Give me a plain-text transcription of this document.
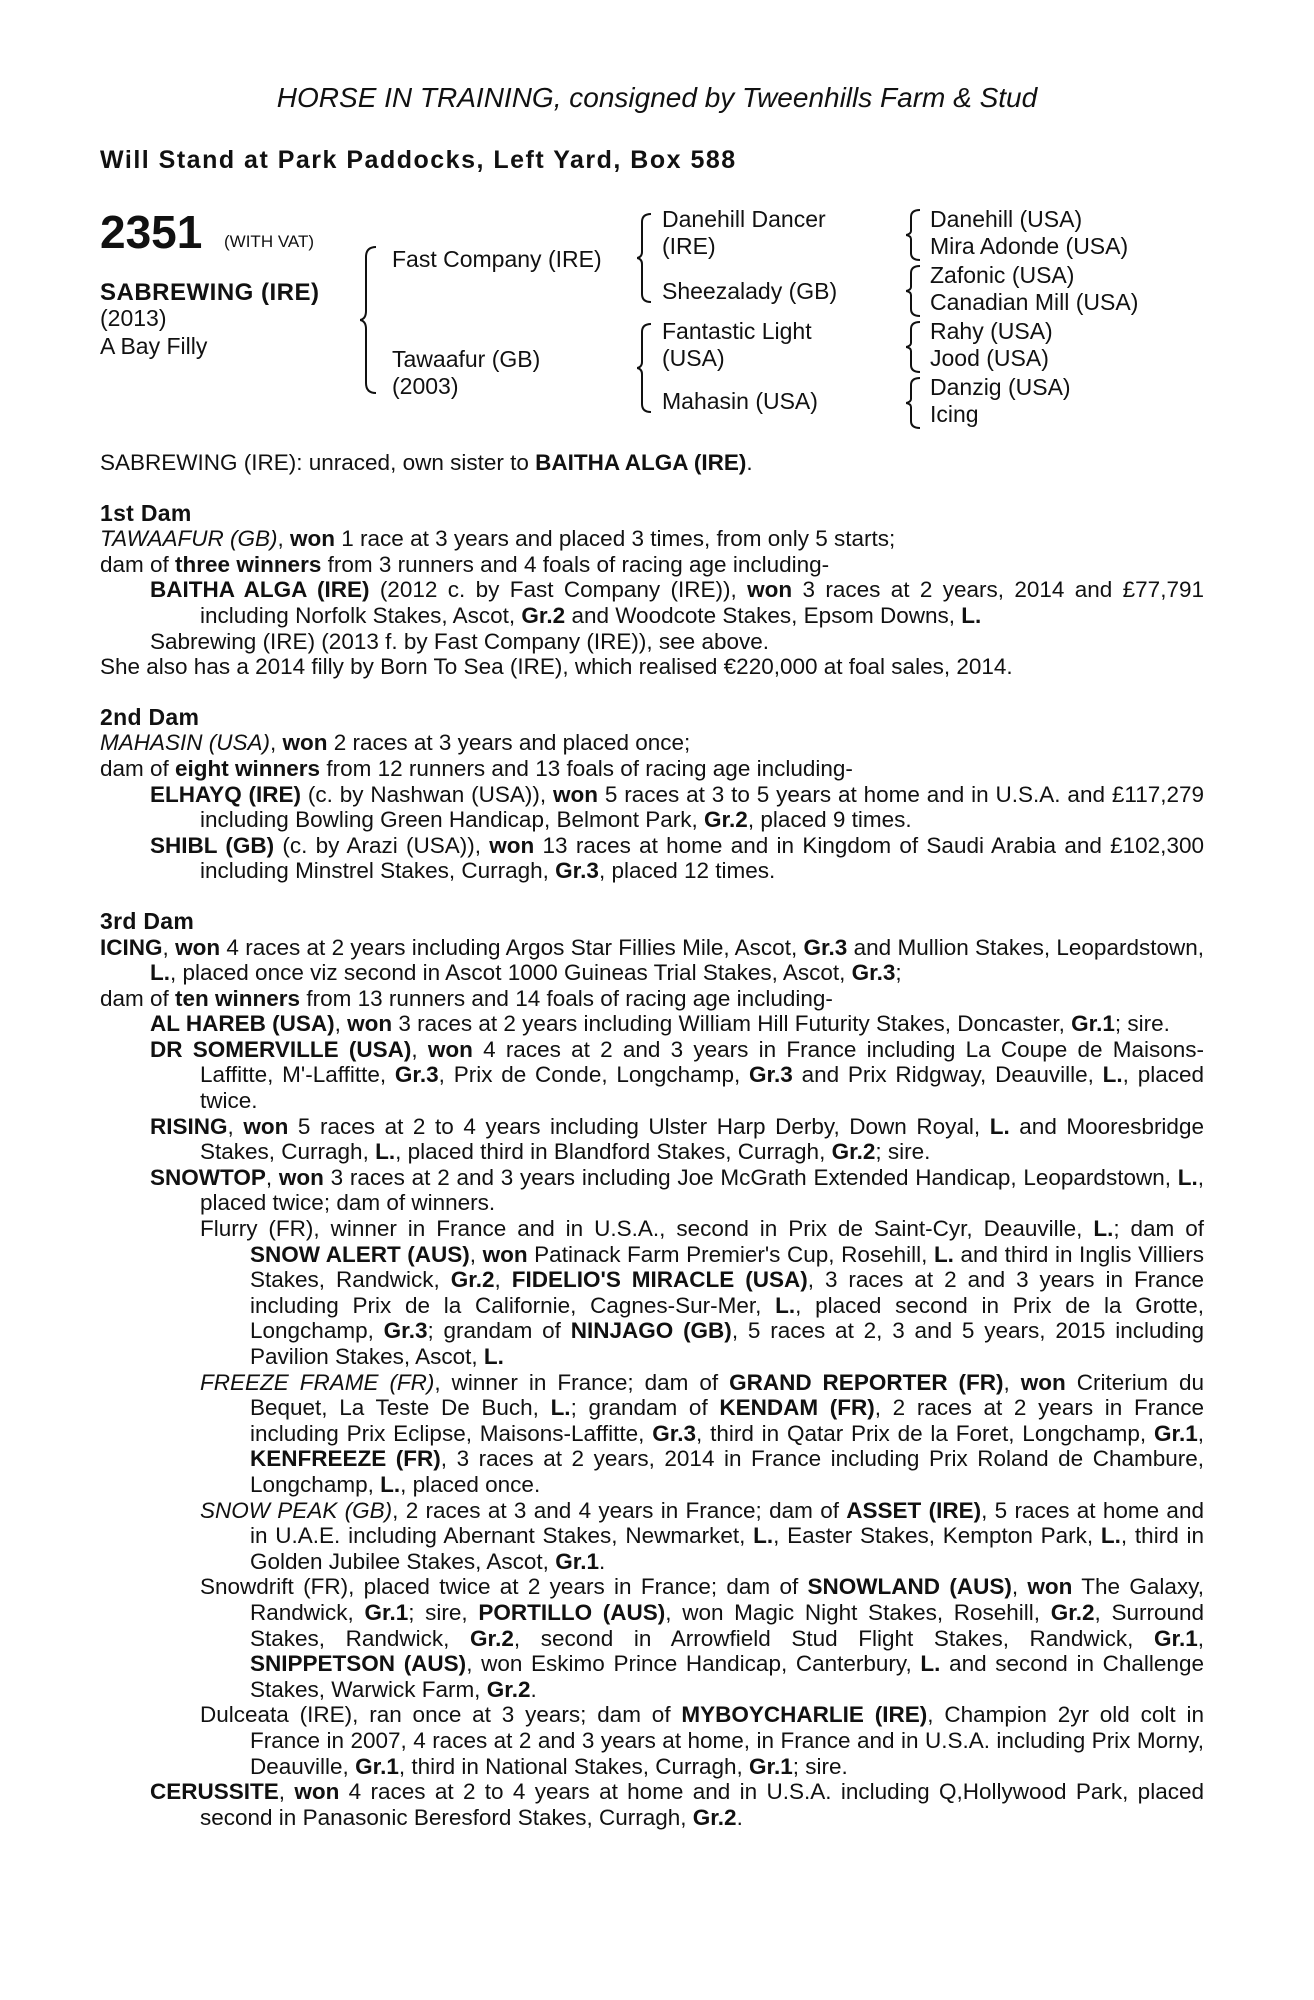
HORSE IN TRAINING, consigned by Tweenhills Farm & Stud
Will Stand at Park Paddocks, Left Yard, Box 588
2351 (WITH VAT)
SABREWING (IRE)
(2013)
A Bay Filly
Fast Company (IRE)
Tawaafur (GB)
(2003)
Danehill Dancer
(IRE)
Sheezalady (GB)
Fantastic Light
(USA)
Mahasin (USA)
Danehill (USA)
Mira Adonde (USA)
Zafonic (USA)
Canadian Mill (USA)
Rahy (USA)
Jood (USA)
Danzig (USA)
Icing

SABREWING (IRE): unraced, own sister to BAITHA ALGA (IRE).

1st Dam

TAWAAFUR (GB), won 1 race at 3 years and placed 3 times, from only 5 starts;

dam of three winners from 3 runners and 4 foals of racing age including-

BAITHA ALGA (IRE) (2012 c. by Fast Company (IRE)), won 3 races at 2 years, 2014 and £77,791 including Norfolk Stakes, Ascot, Gr.2 and Woodcote Stakes, Epsom Downs, L.

Sabrewing (IRE) (2013 f. by Fast Company (IRE)), see above.

She also has a 2014 filly by Born To Sea (IRE), which realised €220,000 at foal sales, 2014.

2nd Dam

MAHASIN (USA), won 2 races at 3 years and placed once;

dam of eight winners from 12 runners and 13 foals of racing age including-

ELHAYQ (IRE) (c. by Nashwan (USA)), won 5 races at 3 to 5 years at home and in U.S.A. and £117,279 including Bowling Green Handicap, Belmont Park, Gr.2, placed 9 times.

SHIBL (GB) (c. by Arazi (USA)), won 13 races at home and in Kingdom of Saudi Arabia and £102,300 including Minstrel Stakes, Curragh, Gr.3, placed 12 times.

3rd Dam

ICING, won 4 races at 2 years including Argos Star Fillies Mile, Ascot, Gr.3 and Mullion Stakes, Leopardstown, L., placed once viz second in Ascot 1000 Guineas Trial Stakes, Ascot, Gr.3;

dam of ten winners from 13 runners and 14 foals of racing age including-

AL HAREB (USA), won 3 races at 2 years including William Hill Futurity Stakes, Doncaster, Gr.1; sire.

DR SOMERVILLE (USA), won 4 races at 2 and 3 years in France including La Coupe de Maisons-Laffitte, M'-Laffitte, Gr.3, Prix de Conde, Longchamp, Gr.3 and Prix Ridgway, Deauville, L., placed twice.

RISING, won 5 races at 2 to 4 years including Ulster Harp Derby, Down Royal, L. and Mooresbridge Stakes, Curragh, L., placed third in Blandford Stakes, Curragh, Gr.2; sire.

SNOWTOP, won 3 races at 2 and 3 years including Joe McGrath Extended Handicap, Leopardstown, L., placed twice; dam of winners.

Flurry (FR), winner in France and in U.S.A., second in Prix de Saint-Cyr, Deauville, L.; dam of SNOW ALERT (AUS), won Patinack Farm Premier's Cup, Rosehill, L. and third in Inglis Villiers Stakes, Randwick, Gr.2, FIDELIO'S MIRACLE (USA), 3 races at 2 and 3 years in France including Prix de la Californie, Cagnes-Sur-Mer, L., placed second in Prix de la Grotte, Longchamp, Gr.3; grandam of NINJAGO (GB), 5 races at 2, 3 and 5 years, 2015 including Pavilion Stakes, Ascot, L.

FREEZE FRAME (FR), winner in France; dam of GRAND REPORTER (FR), won Criterium du Bequet, La Teste De Buch, L.; grandam of KENDAM (FR), 2 races at 2 years in France including Prix Eclipse, Maisons-Laffitte, Gr.3, third in Qatar Prix de la Foret, Longchamp, Gr.1, KENFREEZE (FR), 3 races at 2 years, 2014 in France including Prix Roland de Chambure, Longchamp, L., placed once.

SNOW PEAK (GB), 2 races at 3 and 4 years in France; dam of ASSET (IRE), 5 races at home and in U.A.E. including Abernant Stakes, Newmarket, L., Easter Stakes, Kempton Park, L., third in Golden Jubilee Stakes, Ascot, Gr.1.

Snowdrift (FR), placed twice at 2 years in France; dam of SNOWLAND (AUS), won The Galaxy, Randwick, Gr.1; sire, PORTILLO (AUS), won Magic Night Stakes, Rosehill, Gr.2, Surround Stakes, Randwick, Gr.2, second in Arrowfield Stud Flight Stakes, Randwick, Gr.1, SNIPPETSON (AUS), won Eskimo Prince Handicap, Canterbury, L. and second in Challenge Stakes, Warwick Farm, Gr.2.

Dulceata (IRE), ran once at 3 years; dam of MYBOYCHARLIE (IRE), Champion 2yr old colt in France in 2007, 4 races at 2 and 3 years at home, in France and in U.S.A. including Prix Morny, Deauville, Gr.1, third in National Stakes, Curragh, Gr.1; sire.

CERUSSITE, won 4 races at 2 to 4 years at home and in U.S.A. including Q,Hollywood Park, placed second in Panasonic Beresford Stakes, Curragh, Gr.2.
